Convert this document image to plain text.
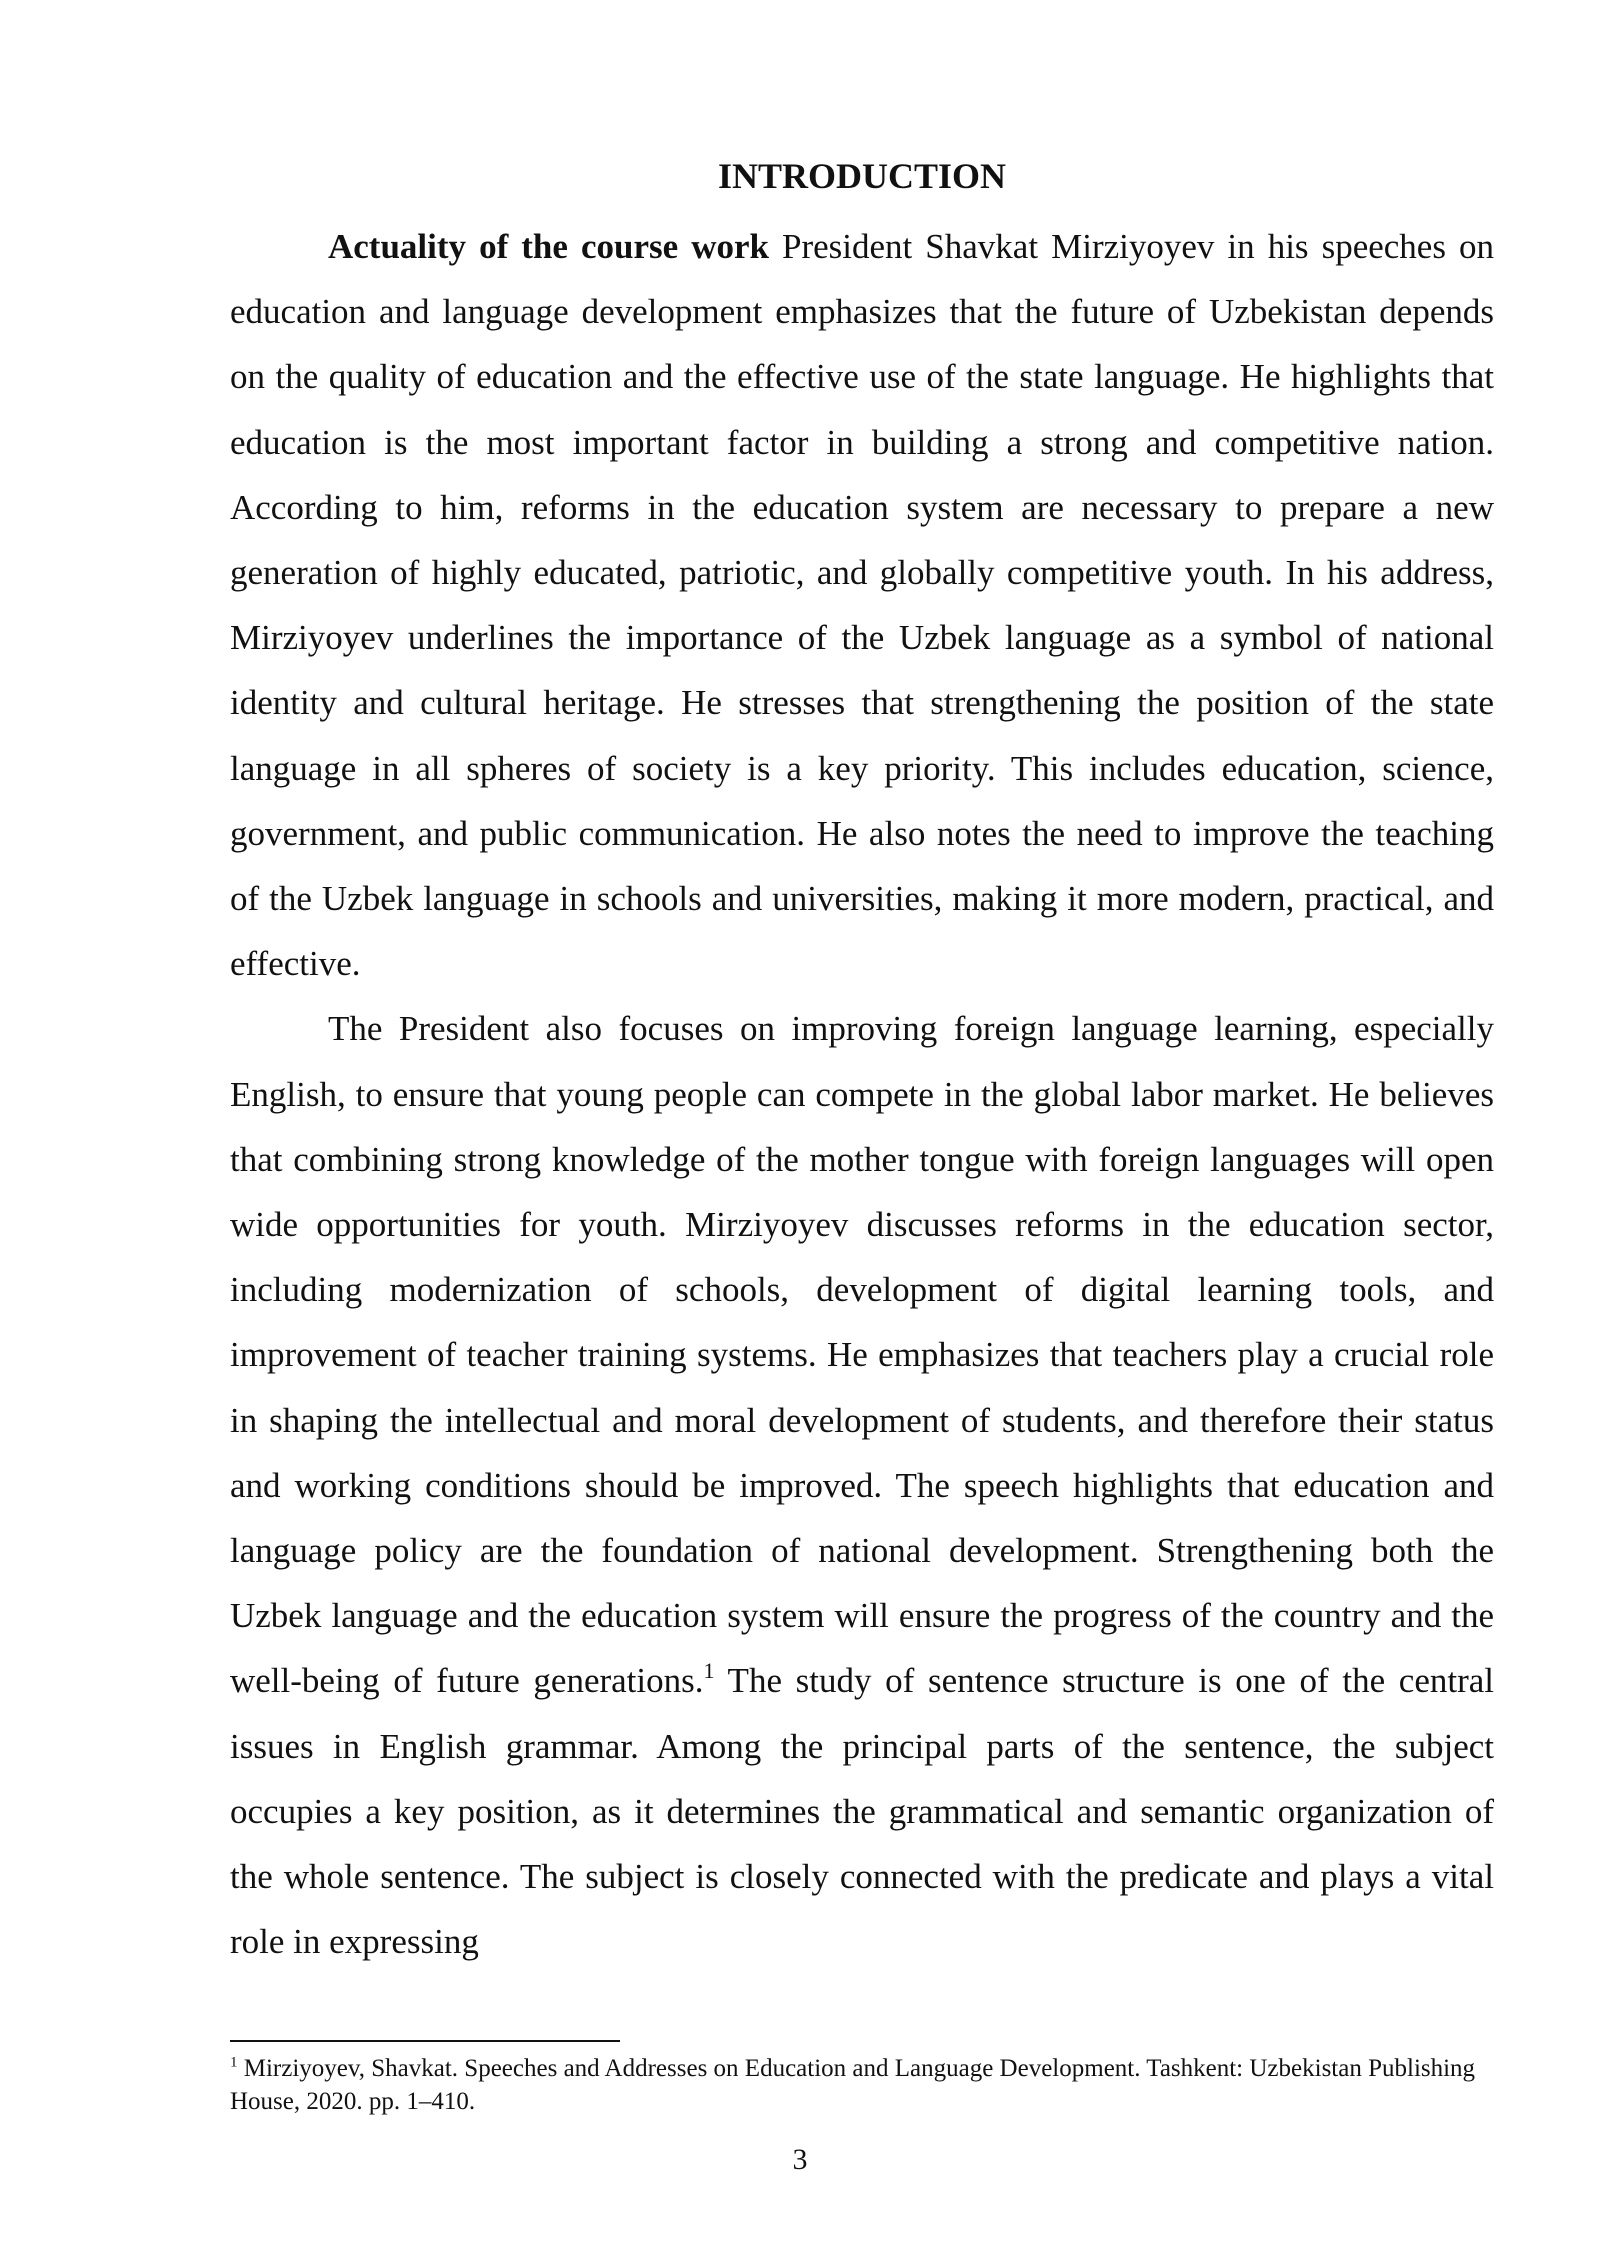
INTRODUCTION

Actuality of the course work President Shavkat Mirziyoyev in his speeches on education and language development emphasizes that the future of Uzbekistan depends on the quality of education and the effective use of the state language. He highlights that education is the most important factor in building a strong and competitive nation. According to him, reforms in the education system are necessary to prepare a new generation of highly educated, patriotic, and globally competitive youth. In his address, Mirziyoyev underlines the importance of the Uzbek language as a symbol of national identity and cultural heritage. He stresses that strengthening the position of the state language in all spheres of society is a key priority. This includes education, science, government, and public communication. He also notes the need to improve the teaching of the Uzbek language in schools and universities, making it more modern, practical, and effective.

The President also focuses on improving foreign language learning, especially English, to ensure that young people can compete in the global labor market. He believes that combining strong knowledge of the mother tongue with foreign languages will open wide opportunities for youth. Mirziyoyev discusses reforms in the education sector, including modernization of schools, development of digital learning tools, and improvement of teacher training systems. He emphasizes that teachers play a crucial role in shaping the intellectual and moral development of students, and therefore their status and working conditions should be improved. The speech highlights that education and language policy are the foundation of national development. Strengthening both the Uzbek language and the education system will ensure the progress of the country and the well-being of future generations.$^1$ The study of sentence structure is one of the central issues in English grammar. Among the principal parts of the sentence, the subject occupies a key position, as it determines the grammatical and semantic organization of the whole sentence. The subject is closely connected with the predicate and plays a vital role in expressing

$^1$ Mirziyoyev, Shavkat. Speeches and Addresses on Education and Language Development. Tashkent: Uzbekistan Publishing House, 2020. pp. 1–410.

3
